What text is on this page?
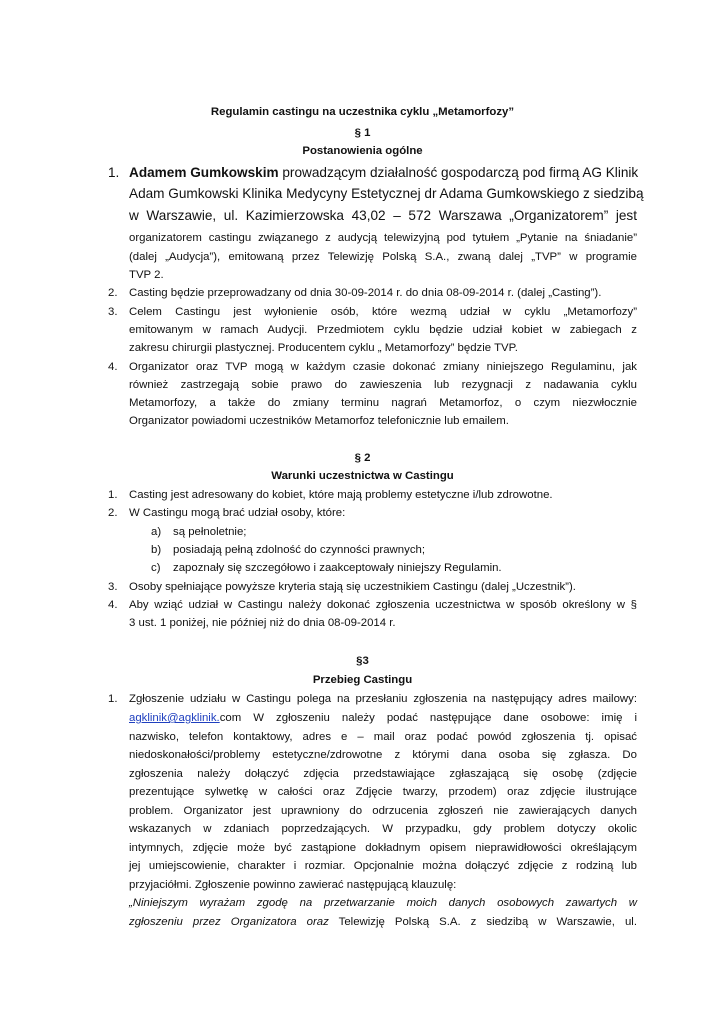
Regulamin castingu na uczestnika cyklu „Metamorfozy”
§ 1
Postanowienia ogólne
1. Adamem Gumkowskim prowadzącym działalność gospodarczą pod firmą AG Klinik
Adam Gumkowski Klinika Medycyny Estetycznej dr Adama Gumkowskiego z siedzibą
w Warszawie, ul. Kazimierzowska 43,02 – 572 Warszawa „Organizatorem” jest
organizatorem castingu związanego z audycją telewizyjną pod tytułem „Pytanie na śniadanie”
(dalej „Audycja”), emitowaną przez Telewizję Polską S.A., zwaną dalej „TVP” w programie
TVP 2.
2. Casting będzie przeprowadzany od dnia 30-09-2014 r. do dnia 08-09-2014 r. (dalej „Casting”).
3. Celem Castingu jest wyłonienie osób, które wezmą udział w cyklu „Metamorfozy”
emitowanym w ramach Audycji. Przedmiotem cyklu będzie udział kobiet w zabiegach z
zakresu chirurgii plastycznej. Producentem cyklu „ Metamorfozy” będzie TVP.
4. Organizator oraz TVP mogą w każdym czasie dokonać zmiany niniejszego Regulaminu, jak
również zastrzegają sobie prawo do zawieszenia lub rezygnacji z nadawania cyklu
Metamorfozy, a także do zmiany terminu nagrań Metamorfoz, o czym niezwłocznie
Organizator powiadomi uczestników Metamorfoz telefonicznie lub emailem.
§ 2
Warunki uczestnictwa w Castingu
1. Casting jest adresowany do kobiet, które mają problemy estetyczne i/lub zdrowotne.
2. W Castingu mogą brać udział osoby, które:
a) są pełnoletnie;
b) posiadają pełną zdolność do czynności prawnych;
c) zapoznały się szczegółowo i zaakceptowały niniejszy Regulamin.
3. Osoby spełniające powyższe kryteria stają się uczestnikiem Castingu (dalej „Uczestnik”).
4. Aby wziąć udział w Castingu należy dokonać zgłoszenia uczestnictwa w sposób określony w §
3 ust. 1 poniżej, nie później niż do dnia 08-09-2014 r.
§3
Przebieg Castingu
1. Zgłoszenie udziału w Castingu polega na przesłaniu zgłoszenia na następujący adres mailowy:
agklinik@agklinik.com W zgłoszeniu należy podać następujące dane osobowe: imię i
nazwisko, telefon kontaktowy, adres e – mail oraz podać powód zgłoszenia tj. opisać
niedoskonałości/problemy estetyczne/zdrowotne z którymi dana osoba się zgłasza. Do
zgłoszenia należy dołączyć zdjęcia przedstawiające zgłaszającą się osobę (zdjęcie
prezentujące sylwetkę w całości oraz Zdjęcie twarzy, przodem) oraz zdjęcie ilustrujące
problem. Organizator jest uprawniony do odrzucenia zgłoszeń nie zawierających danych
wskazanych w zdaniach poprzedzających. W przypadku, gdy problem dotyczy okolic
intymnych, zdjęcie może być zastąpione dokładnym opisem nieprawidłowości określającym
jej umiejscowienie, charakter i rozmiar. Opcjonalnie można dołączyć zdjęcie z rodziną lub
przyjaciółmi. Zgłoszenie powinno zawierać następującą klauzulę:
„Niniejszym wyrażam zgodę na przetwarzanie moich danych osobowych zawartych w
zgłoszeniu przez Organizatora oraz Telewizję Polską S.A. z siedzibą w Warszawie, ul.
